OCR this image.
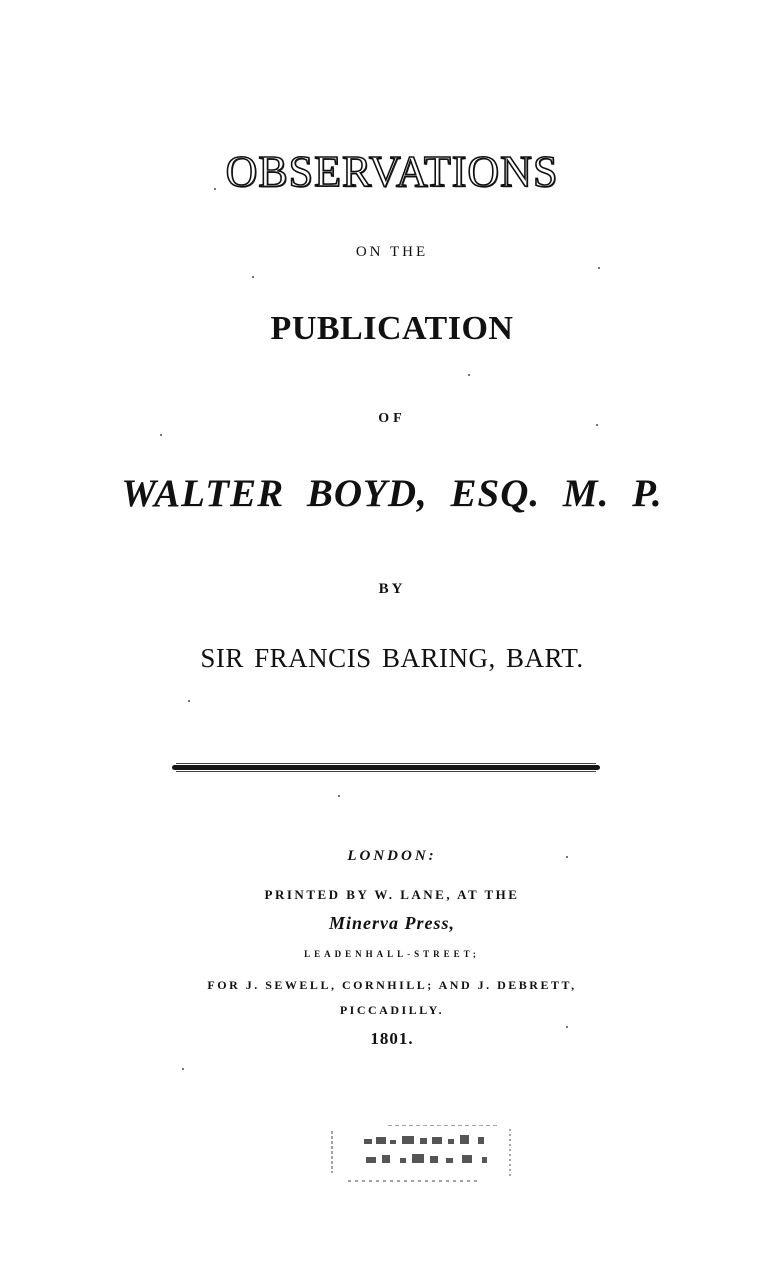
OBSERVATIONS
ON THE
PUBLICATION
OF
WALTER BOYD, ESQ. M. P.
BY
SIR FRANCIS BARING, BART.
LONDON:
PRINTED BY W. LANE, AT THE
Minerva Press,
LEADENHALL-STREET;
FOR J. SEWELL, CORNHILL; AND J. DEBRETT,
PICCADILLY.
1801.
